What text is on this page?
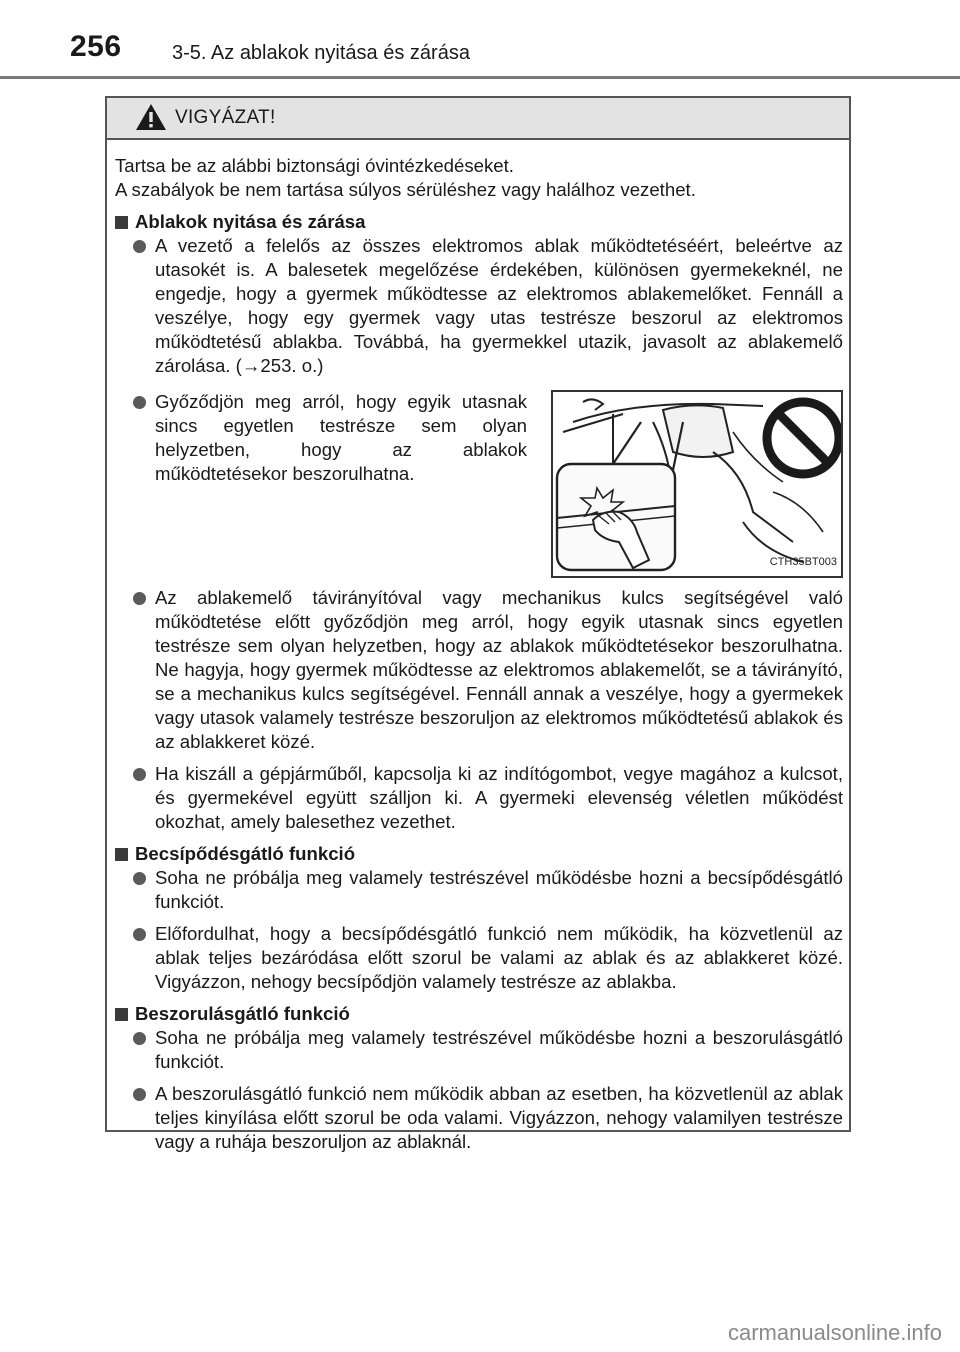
256	3-5. Az ablakok nyitása és zárása
VIGYÁZAT!

Tartsa be az alábbi biztonsági óvintézkedéseket.

A szabályok be nem tartása súlyos sérüléshez vagy halálhoz vezethet.

Ablakok nyitása és zárása
A vezető a felelős az összes elektromos ablak működtetéséért, beleértve az utasokét is. A balesetek megelőzése érdekében, különösen gyermekeknél, ne engedje, hogy a gyermek működtesse az elektromos ablakemelőket. Fennáll a veszélye, hogy egy gyermek vagy utas testrésze beszorul az elektromos működtetésű ablakba. Továbbá, ha gyermekkel utazik, javasolt az ablakemelő zárolása. (→253. o.)
Győződjön meg arról, hogy egyik utasnak sincs egyetlen testrésze sem olyan helyzetben, hogy az ablakok működtetésekor beszorulhatna.
CTH35BT003
Az ablakemelő távirányítóval vagy mechanikus kulcs segítségével való működtetése előtt győződjön meg arról, hogy egyik utasnak sincs egyetlen testrésze sem olyan helyzetben, hogy az ablakok működtetésekor beszorulhatna. Ne hagyja, hogy gyermek működtesse az elektromos ablakemelőt, se a távirányító, se a mechanikus kulcs segítségével. Fennáll annak a veszélye, hogy a gyermekek vagy utasok valamely testrésze beszoruljon az elektromos működtetésű ablakok és az ablakkeret közé.
Ha kiszáll a gépjárműből, kapcsolja ki az indítógombot, vegye magához a kulcsot, és gyermekével együtt szálljon ki. A gyermeki elevenség véletlen működést okozhat, amely balesethez vezethet.
Becsípődésgátló funkció
Soha ne próbálja meg valamely testrészével működésbe hozni a becsípődésgátló funkciót.
Előfordulhat, hogy a becsípődésgátló funkció nem működik, ha közvetlenül az ablak teljes bezáródása előtt szorul be valami az ablak és az ablakkeret közé. Vigyázzon, nehogy becsípődjön valamely testrésze az ablakba.
Beszorulásgátló funkció
Soha ne próbálja meg valamely testrészével működésbe hozni a beszorulásgátló funkciót.
A beszorulásgátló funkció nem működik abban az esetben, ha közvetlenül az ablak teljes kinyílása előtt szorul be oda valami. Vigyázzon, nehogy valamilyen testrésze vagy a ruhája beszoruljon az ablaknál.
carmanualsonline.info
